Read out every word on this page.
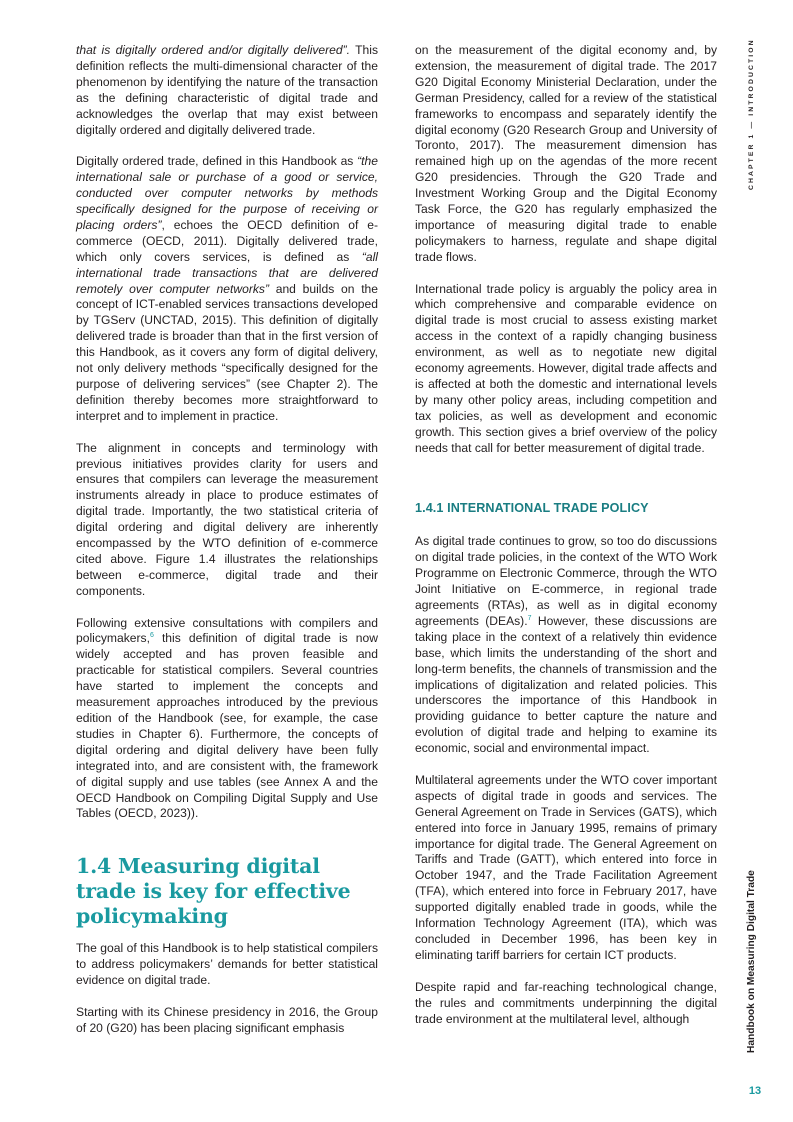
that is digitally ordered and/or digitally delivered”. This definition reflects the multi-dimensional character of the phenomenon by identifying the nature of the transaction as the defining characteristic of digital trade and acknowledges the overlap that may exist between digitally ordered and digitally delivered trade.

Digitally ordered trade, defined in this Handbook as “the international sale or purchase of a good or service, conducted over computer networks by methods specifically designed for the purpose of receiving or placing orders”, echoes the OECD definition of e-commerce (OECD, 2011). Digitally delivered trade, which only covers services, is defined as “all international trade transactions that are delivered remotely over computer networks” and builds on the concept of ICT-enabled services transactions developed by TGServ (UNCTAD, 2015). This definition of digitally delivered trade is broader than that in the first version of this Handbook, as it covers any form of digital delivery, not only delivery methods “specifically designed for the purpose of delivering services” (see Chapter 2). The definition thereby becomes more straightforward to interpret and to implement in practice.

The alignment in concepts and terminology with previous initiatives provides clarity for users and ensures that compilers can leverage the measurement instruments already in place to produce estimates of digital trade. Importantly, the two statistical criteria of digital ordering and digital delivery are inherently encompassed by the WTO definition of e-commerce cited above. Figure 1.4 illustrates the relationships between e-commerce, digital trade and their components.

Following extensive consultations with compilers and policymakers,$^6$ this definition of digital trade is now widely accepted and has proven feasible and practicable for statistical compilers. Several countries have started to implement the concepts and measurement approaches introduced by the previous edition of the Handbook (see, for example, the case studies in Chapter 6). Furthermore, the concepts of digital ordering and digital delivery have been fully integrated into, and are consistent with, the framework of digital supply and use tables (see Annex A and the OECD Handbook on Compiling Digital Supply and Use Tables (OECD, 2023)).

1.4 Measuring digital trade is key for effective policymaking

The goal of this Handbook is to help statistical compilers to address policymakers’ demands for better statistical evidence on digital trade.

Starting with its Chinese presidency in 2016, the Group of 20 (G20) has been placing significant emphasis

on the measurement of the digital economy and, by extension, the measurement of digital trade. The 2017 G20 Digital Economy Ministerial Declaration, under the German Presidency, called for a review of the statistical frameworks to encompass and separately identify the digital economy (G20 Research Group and University of Toronto, 2017). The measurement dimension has remained high up on the agendas of the more recent G20 presidencies. Through the G20 Trade and Investment Working Group and the Digital Economy Task Force, the G20 has regularly emphasized the importance of measuring digital trade to enable policymakers to harness, regulate and shape digital trade flows.

International trade policy is arguably the policy area in which comprehensive and comparable evidence on digital trade is most crucial to assess existing market access in the context of a rapidly changing business environment, as well as to negotiate new digital economy agreements. However, digital trade affects and is affected at both the domestic and international levels by many other policy areas, including competition and tax policies, as well as development and economic growth. This section gives a brief overview of the policy needs that call for better measurement of digital trade.

1.4.1 INTERNATIONAL TRADE POLICY

As digital trade continues to grow, so too do discussions on digital trade policies, in the context of the WTO Work Programme on Electronic Commerce, through the WTO Joint Initiative on E-commerce, in regional trade agreements (RTAs), as well as in digital economy agreements (DEAs).$^7$ However, these discussions are taking place in the context of a relatively thin evidence base, which limits the understanding of the short and long-term benefits, the channels of transmission and the implications of digitalization and related policies. This underscores the importance of this Handbook in providing guidance to better capture the nature and evolution of digital trade and helping to examine its economic, social and environmental impact.

Multilateral agreements under the WTO cover important aspects of digital trade in goods and services. The General Agreement on Trade in Services (GATS), which entered into force in January 1995, remains of primary importance for digital trade. The General Agreement on Tariffs and Trade (GATT), which entered into force in October 1947, and the Trade Facilitation Agreement (TFA), which entered into force in February 2017, have supported digitally enabled trade in goods, while the Information Technology Agreement (ITA), which was concluded in December 1996, has been key in eliminating tariff barriers for certain ICT products.

Despite rapid and far-reaching technological change, the rules and commitments underpinning the digital trade environment at the multilateral level, although

CHAPTER 1 — INTRODUCTION
Handbook on Measuring Digital Trade
13
